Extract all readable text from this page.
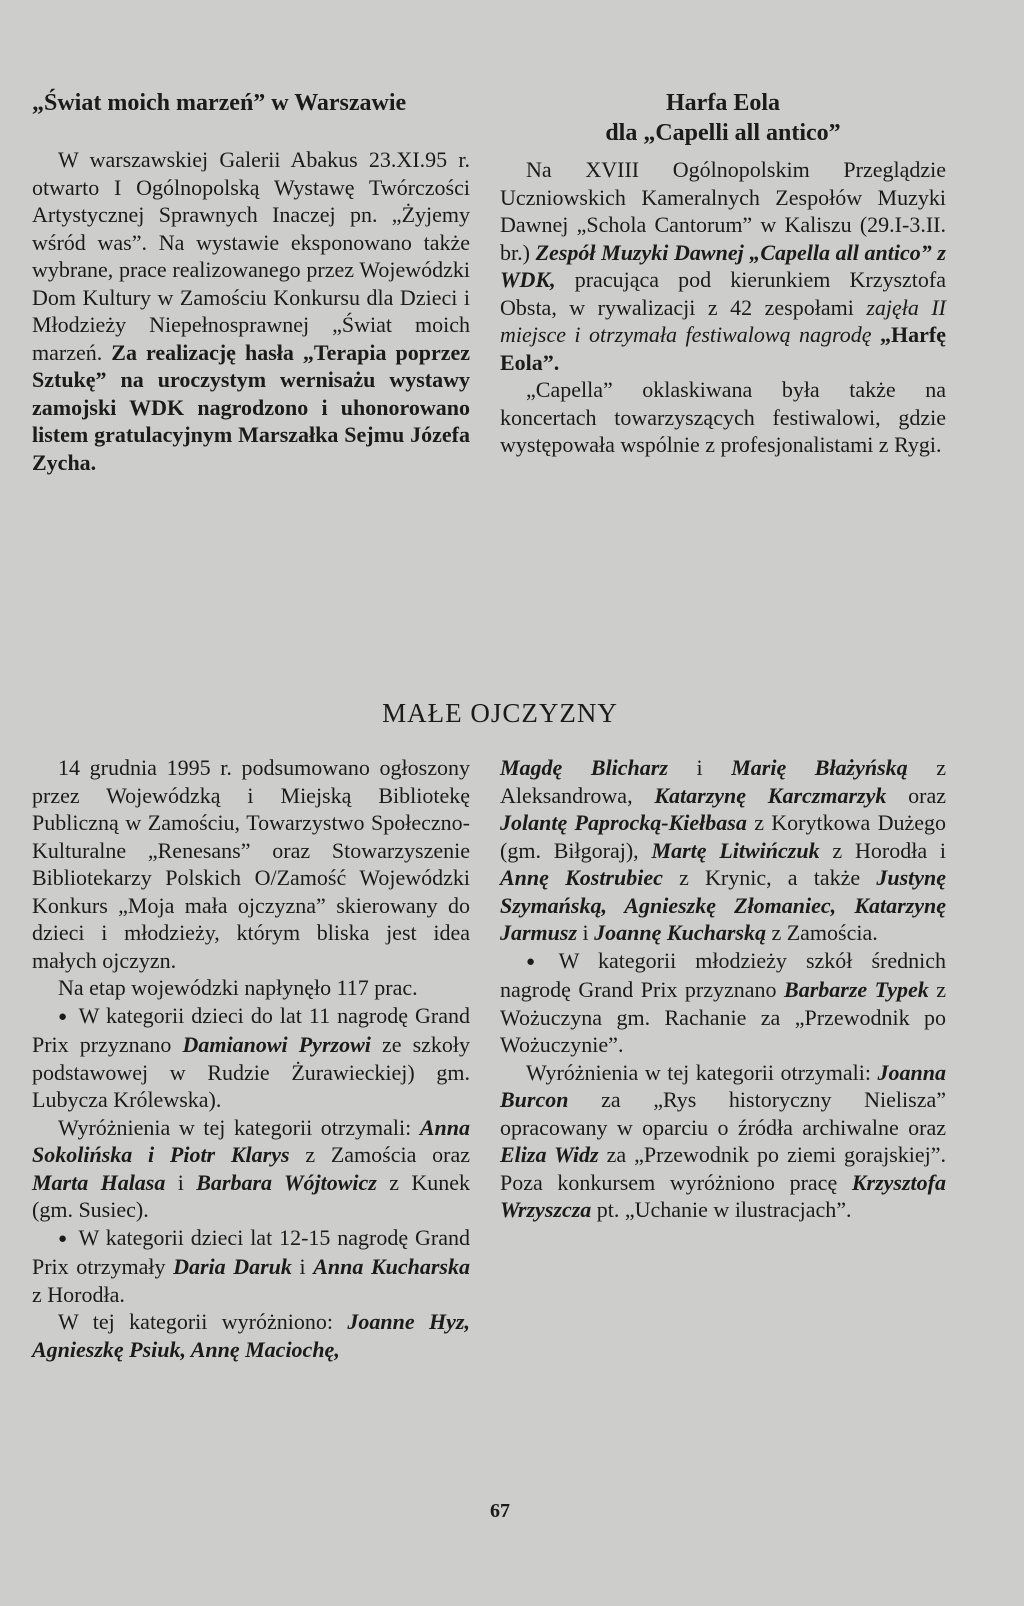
„Świat moich marzeń” w Warszawie

W warszawskiej Galerii Abakus 23.XI.95 r. otwarto I Ogólnopolską Wystawę Twórczości Artystycznej Sprawnych Inaczej pn. „Żyjemy wśród was”. Na wystawie eksponowano także wybrane, prace realizowanego przez Wojewódzki Dom Kultury w Zamościu Konkursu dla Dzieci i Młodzieży Niepełnosprawnej „Świat moich marzeń. Za realizację hasła „Terapia poprzez Sztukę” na uroczystym wernisażu wystawy zamojski WDK nagrodzono i uhonorowano listem gratulacyjnym Marszałka Sejmu Józefa Zycha.

Harfa Eola
dla „Capelli all antico”

Na XVIII Ogólnopolskim Przeglądzie Uczniowskich Kameralnych Zespołów Muzyki Dawnej „Schola Cantorum” w Kaliszu (29.I-3.II. br.) Zespół Muzyki Dawnej „Capella all antico” z WDK, pracująca pod kierunkiem Krzysztofa Obsta, w rywalizacji z 42 zespołami zajęła II miejsce i otrzymała festiwalową nagrodę „Harfę Eola”.

„Capella” oklaskiwana była także na koncertach towarzyszących festiwalowi, gdzie występowała wspólnie z profesjonalistami z Rygi.

MAŁE OJCZYZNY

14 grudnia 1995 r. podsumowano ogłoszony przez Wojewódzką i Miejską Bibliotekę Publiczną w Zamościu, Towarzystwo Społeczno-Kulturalne „Renesans” oraz Stowarzyszenie Bibliotekarzy Polskich O/Zamość Wojewódzki Konkurs „Moja mała ojczyzna” skierowany do dzieci i młodzieży, którym bliska jest idea małych ojczyzn.

Na etap wojewódzki napłynęło 117 prac.

● W kategorii dzieci do lat 11 nagrodę Grand Prix przyznano Damianowi Pyrzowi ze szkoły podstawowej w Rudzie Żurawieckiej) gm. Lubycza Królewska).

Wyróżnienia w tej kategorii otrzymali: Anna Sokolińska i Piotr Klarys z Zamościa oraz Marta Halasa i Barbara Wójtowicz z Kunek (gm. Susiec).

● W kategorii dzieci lat 12-15 nagrodę Grand Prix otrzymały Daria Daruk i Anna Kucharska z Horodła.

W tej kategorii wyróżniono: Joanne Hyz, Agnieszkę Psiuk, Annę Maciochę,

Magdę Blicharz i Marię Błażyńską z Aleksandrowa, Katarzynę Karczmarzyk oraz Jolantę Paprocką-Kiełbasa z Korytkowa Dużego (gm. Biłgoraj), Martę Litwińczuk z Horodła i Annę Kostrubiec z Krynic, a także Justynę Szymańską, Agnieszkę Złomaniec, Katarzynę Jarmusz i Joannę Kucharską z Zamościa.

● W kategorii młodzieży szkół średnich nagrodę Grand Prix przyznano Barbarze Typek z Wożuczyna gm. Rachanie za „Przewodnik po Wożuczynie”.

Wyróżnienia w tej kategorii otrzymali: Joanna Burcon za „Rys historyczny Nielisza” opracowany w oparciu o źródła archiwalne oraz Eliza Widz za „Przewodnik po ziemi gorajskiej”. Poza konkursem wyróżniono pracę Krzysztofa Wrzyszcza pt. „Uchanie w ilustracjach”.

67
